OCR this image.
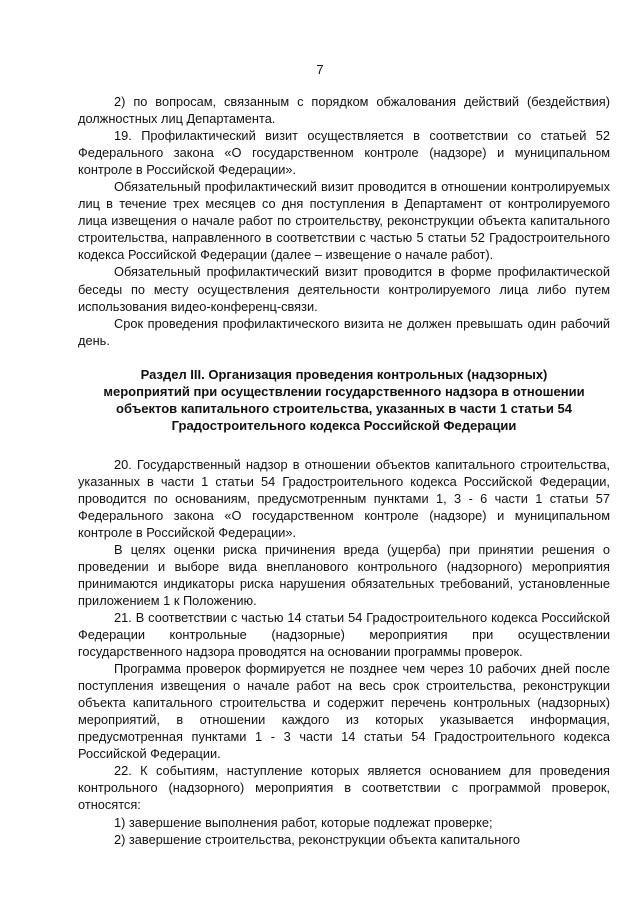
7

2) по вопросам, связанным с порядком обжалования действий (бездействия) должностных лиц Департамента.

19. Профилактический визит осуществляется в соответствии со статьей 52 Федерального закона «О государственном контроле (надзоре) и муниципальном контроле в Российской Федерации».

Обязательный профилактический визит проводится в отношении контролируемых лиц в течение трех месяцев со дня поступления в Департамент от контролируемого лица извещения о начале работ по строительству, реконструкции объекта капитального строительства, направленного в соответствии с частью 5 статьи 52 Градостроительного кодекса Российской Федерации (далее – извещение о начале работ).

Обязательный профилактический визит проводится в форме профилактической беседы по месту осуществления деятельности контролируемого лица либо путем использования видео-конференц-связи.

Срок проведения профилактического визита не должен превышать один рабочий день.

Раздел III. Организация проведения контрольных (надзорных)
мероприятий при осуществлении государственного надзора в отношении
объектов капитального строительства, указанных в части 1 статьи 54
Градостроительного кодекса Российской Федерации

20. Государственный надзор в отношении объектов капитального строительства, указанных в части 1 статьи 54 Градостроительного кодекса Российской Федерации, проводится по основаниям, предусмотренным пунктами 1, 3 - 6 части 1 статьи 57 Федерального закона «О государственном контроле (надзоре) и муниципальном контроле в Российской Федерации».

В целях оценки риска причинения вреда (ущерба) при принятии решения о проведении и выборе вида внепланового контрольного (надзорного) мероприятия принимаются индикаторы риска нарушения обязательных требований, установленные приложением 1 к Положению.

21. В соответствии с частью 14 статьи 54 Градостроительного кодекса Российской Федерации контрольные (надзорные) мероприятия при осуществлении государственного надзора проводятся на основании программы проверок.

Программа проверок формируется не позднее чем через 10 рабочих дней после поступления извещения о начале работ на весь срок строительства, реконструкции объекта капитального строительства и содержит перечень контрольных (надзорных) мероприятий, в отношении каждого из которых указывается информация, предусмотренная пунктами 1 - 3 части 14 статьи 54 Градостроительного кодекса Российской Федерации.

22. К событиям, наступление которых является основанием для проведения контрольного (надзорного) мероприятия в соответствии с программой проверок, относятся:

1) завершение выполнения работ, которые подлежат проверке;

2) завершение строительства, реконструкции объекта капитального
